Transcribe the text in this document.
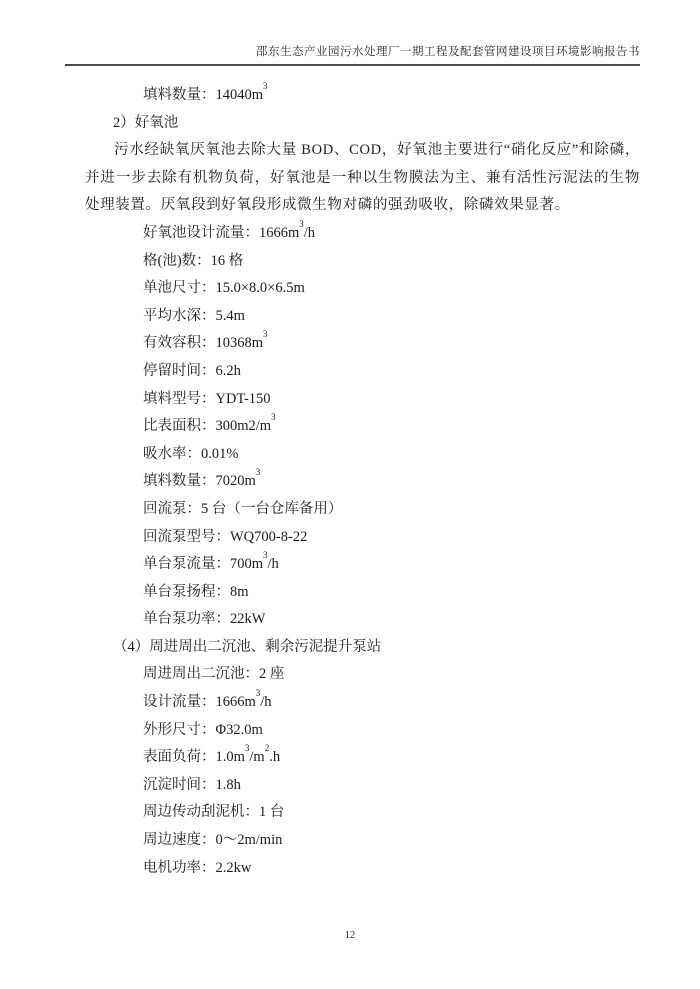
邵东生态产业园污水处理厂一期工程及配套管网建设项目环境影响报告书
填料数量：$14040m^3$
2）好氧池
污水经缺氧厌氧池去除大量 BOD、COD，好氧池主要进行“硝化反应”和除磷，并进一步去除有机物负荷，好氧池是一种以生物膜法为主、兼有活性污泥法的生物处理装置。厌氧段到好氧段形成微生物对磷的强劲吸收，除磷效果显著。
好氧池设计流量：$1666m^3/h$
格(池)数：16 格
单池尺寸：15.0×8.0×6.5m
平均水深：5.4m
有效容积：$10368m^3$
停留时间：6.2h
填料型号：YDT-150
比表面积：$300m2/m^3$
吸水率：0.01%
填料数量：$7020m^3$
回流泵：5 台（一台仓库备用）
回流泵型号：WQ700-8-22
单台泵流量：$700m^3/h$
单台泵扬程：8m
单台泵功率：22kW
（4）周进周出二沉池、剩余污泥提升泵站
周进周出二沉池：2 座
设计流量：$1666m^3/h$
外形尺寸：Φ32.0m
表面负荷：$1.0m^3/m^2.h$
沉淀时间：1.8h
周边传动刮泥机：1 台
周边速度：0～2m/min
电机功率：2.2kw
12
